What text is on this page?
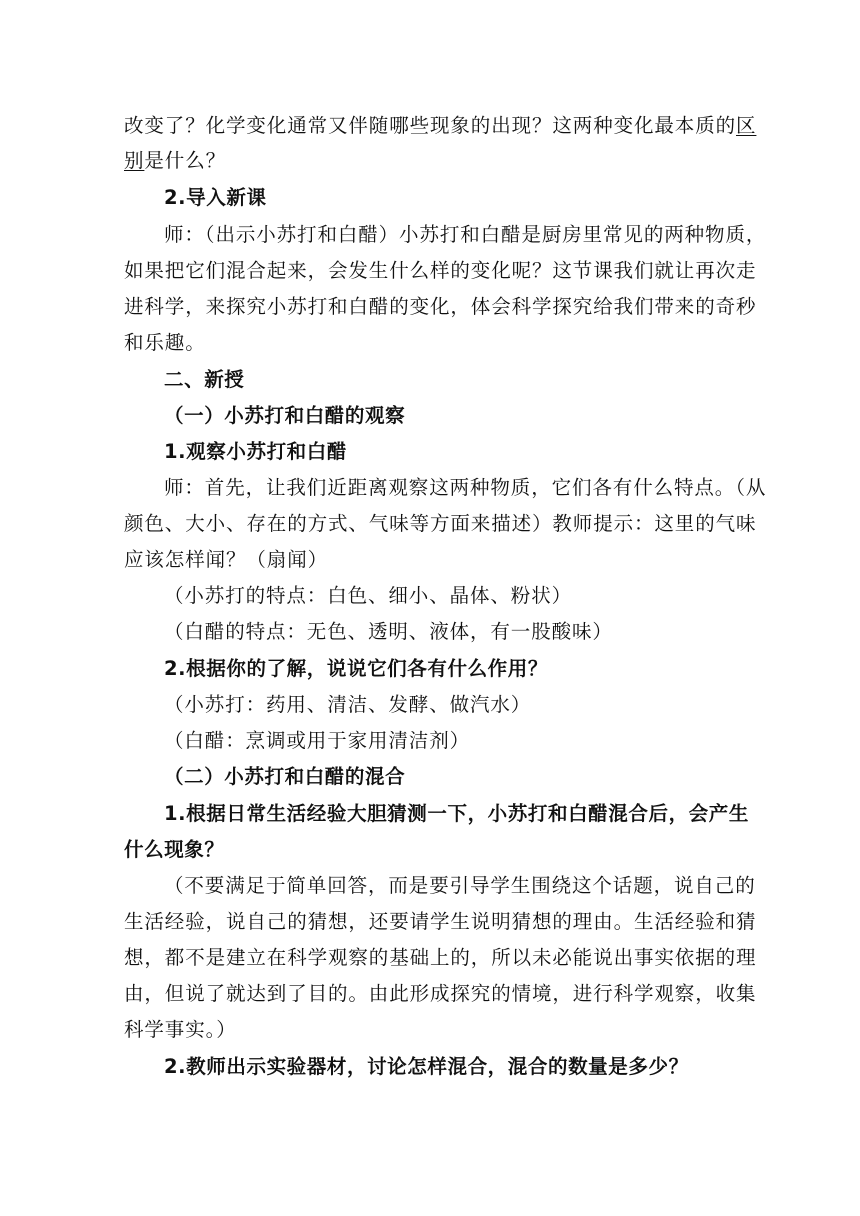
改变了？化学变化通常又伴随哪些现象的出现？这两种变化最本质的区
别是什么？
2.导入新课
师：（出示小苏打和白醋）小苏打和白醋是厨房里常见的两种物质，
如果把它们混合起来，会发生什么样的变化呢？这节课我们就让再次走
进科学，来探究小苏打和白醋的变化，体会科学探究给我们带来的奇秒
和乐趣。
二、新授
（一）小苏打和白醋的观察
1.观察小苏打和白醋
师：首先，让我们近距离观察这两种物质，它们各有什么特点。（从
颜色、大小、存在的方式、气味等方面来描述）教师提示：这里的气味
应该怎样闻？（扇闻）
（小苏打的特点：白色、细小、晶体、粉状）
（白醋的特点：无色、透明、液体，有一股酸味）
2.根据你的了解，说说它们各有什么作用？
（小苏打：药用、清洁、发酵、做汽水）
（白醋：烹调或用于家用清洁剂）
（二）小苏打和白醋的混合
1.根据日常生活经验大胆猜测一下，小苏打和白醋混合后，会产生
什么现象？
（不要满足于简单回答，而是要引导学生围绕这个话题，说自己的
生活经验，说自己的猜想，还要请学生说明猜想的理由。生活经验和猜
想，都不是建立在科学观察的基础上的，所以未必能说出事实依据的理
由，但说了就达到了目的。由此形成探究的情境，进行科学观察，收集
科学事实。）
2.教师出示实验器材，讨论怎样混合，混合的数量是多少？
